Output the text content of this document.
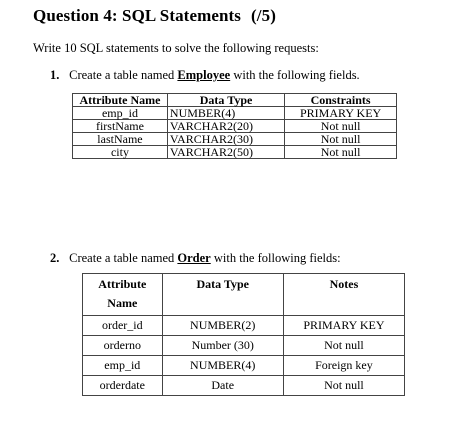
Question 4: SQL Statements (/5)
Write 10 SQL statements to solve the following requests:
1. Create a table named Employee with the following fields.
Attribute Name	Data Type	Constraints
emp_id	NUMBER(4)	PRIMARY KEY
firstName	VARCHAR2(20)	Not null
lastName	VARCHAR2(30)	Not null
city	VARCHAR2(50)	Not null
2. Create a table named Order with the following fields:
Attribute
Name	Data Type	Notes
order_id	NUMBER(2)	PRIMARY KEY
orderno	Number (30)	Not null
emp_id	NUMBER(4)	Foreign key
orderdate	Date	Not null
